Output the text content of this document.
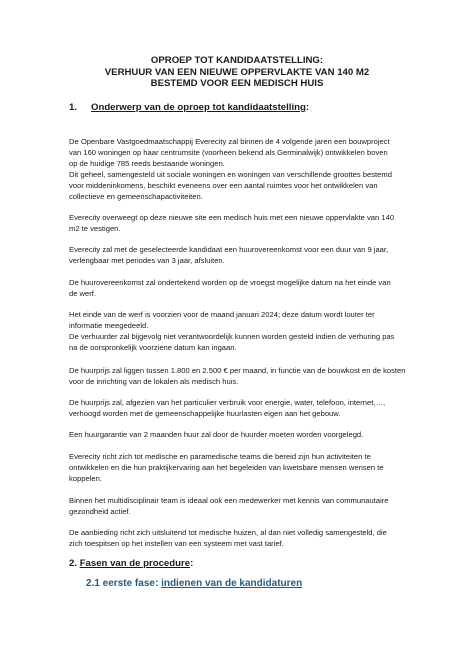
OPROEP TOT KANDIDAATSTELLING:
VERHUUR VAN EEN NIEUWE OPPERVLAKTE VAN 140 M2
BESTEMD VOOR EEN MEDISCH HUIS
1. Onderwerp van de oproep tot kandidaatstelling:
De Openbare Vastgoedmaatschappij Everecity zal binnen de 4 volgende jaren een bouwproject
van 160 woningen op haar centrumsite (voorheen bekend als Germinalwijk) ontwikkelen boven
op de huidige 785 reeds bestaande woningen.
Dit geheel, samengesteld uit sociale woningen en woningen van verschillende groottes bestemd
voor middeninkomens, beschikt eveneens over een aantal ruimtes voor het ontwikkelen van
collectieve en gemeenschapactiviteiten.
Everecity overweegt op deze nieuwe site een medisch huis met een nieuwe oppervlakte van 140
m2 te vestigen.
Everecity zal met de geselecteerde kandidaat een huurovereenkomst voor een duur van 9 jaar,
verlengbaar met periodes van 3 jaar, afsluiten.
De huurovereenkomst zal ondertekend worden op de vroegst mogelijke datum na het einde van
de werf.
Het einde van de werf is voorzien voor de maand januari 2024; deze datum wordt louter ter
informatie meegedeeld.
De verhuurder zal bijgevolg niet verantwoordelijk kunnen worden gesteld indien de verhuring pas
na de oorspronkelijk voorziene datum kan ingaan.
De huurprijs zal liggen tussen 1.800 en 2.500 € per maand, in functie van de bouwkost en de kosten
voor de inrichting van de lokalen als medisch huis.
De huurprijs zal, afgezien van het particulier verbruik voor energie, water, telefoon, internet,…,
verhoogd worden met de gemeenschappelijke huurlasten eigen aan het gebouw.
Een huurgarantie van 2 maanden huur zal door de huurder moeten worden voorgelegd.
Everecity richt zich tot medische en paramedische teams die bereid zijn hun activiteiten te
ontwikkelen en die hun praktijkervaring aan het begeleiden van kwetsbare mensen wensen te
koppelen.
Binnen het multidisciplinair team is ideaal ook een medewerker met kennis van communautaire
gezondheid actief.
De aanbieding richt zich uitsluitend tot medische huizen, al dan niet volledig samengesteld, die
zich toespitsen op het instellen van een systeem met vast tarief.
2. Fasen van de procedure:
2.1 eerste fase: indienen van de kandidaturen
